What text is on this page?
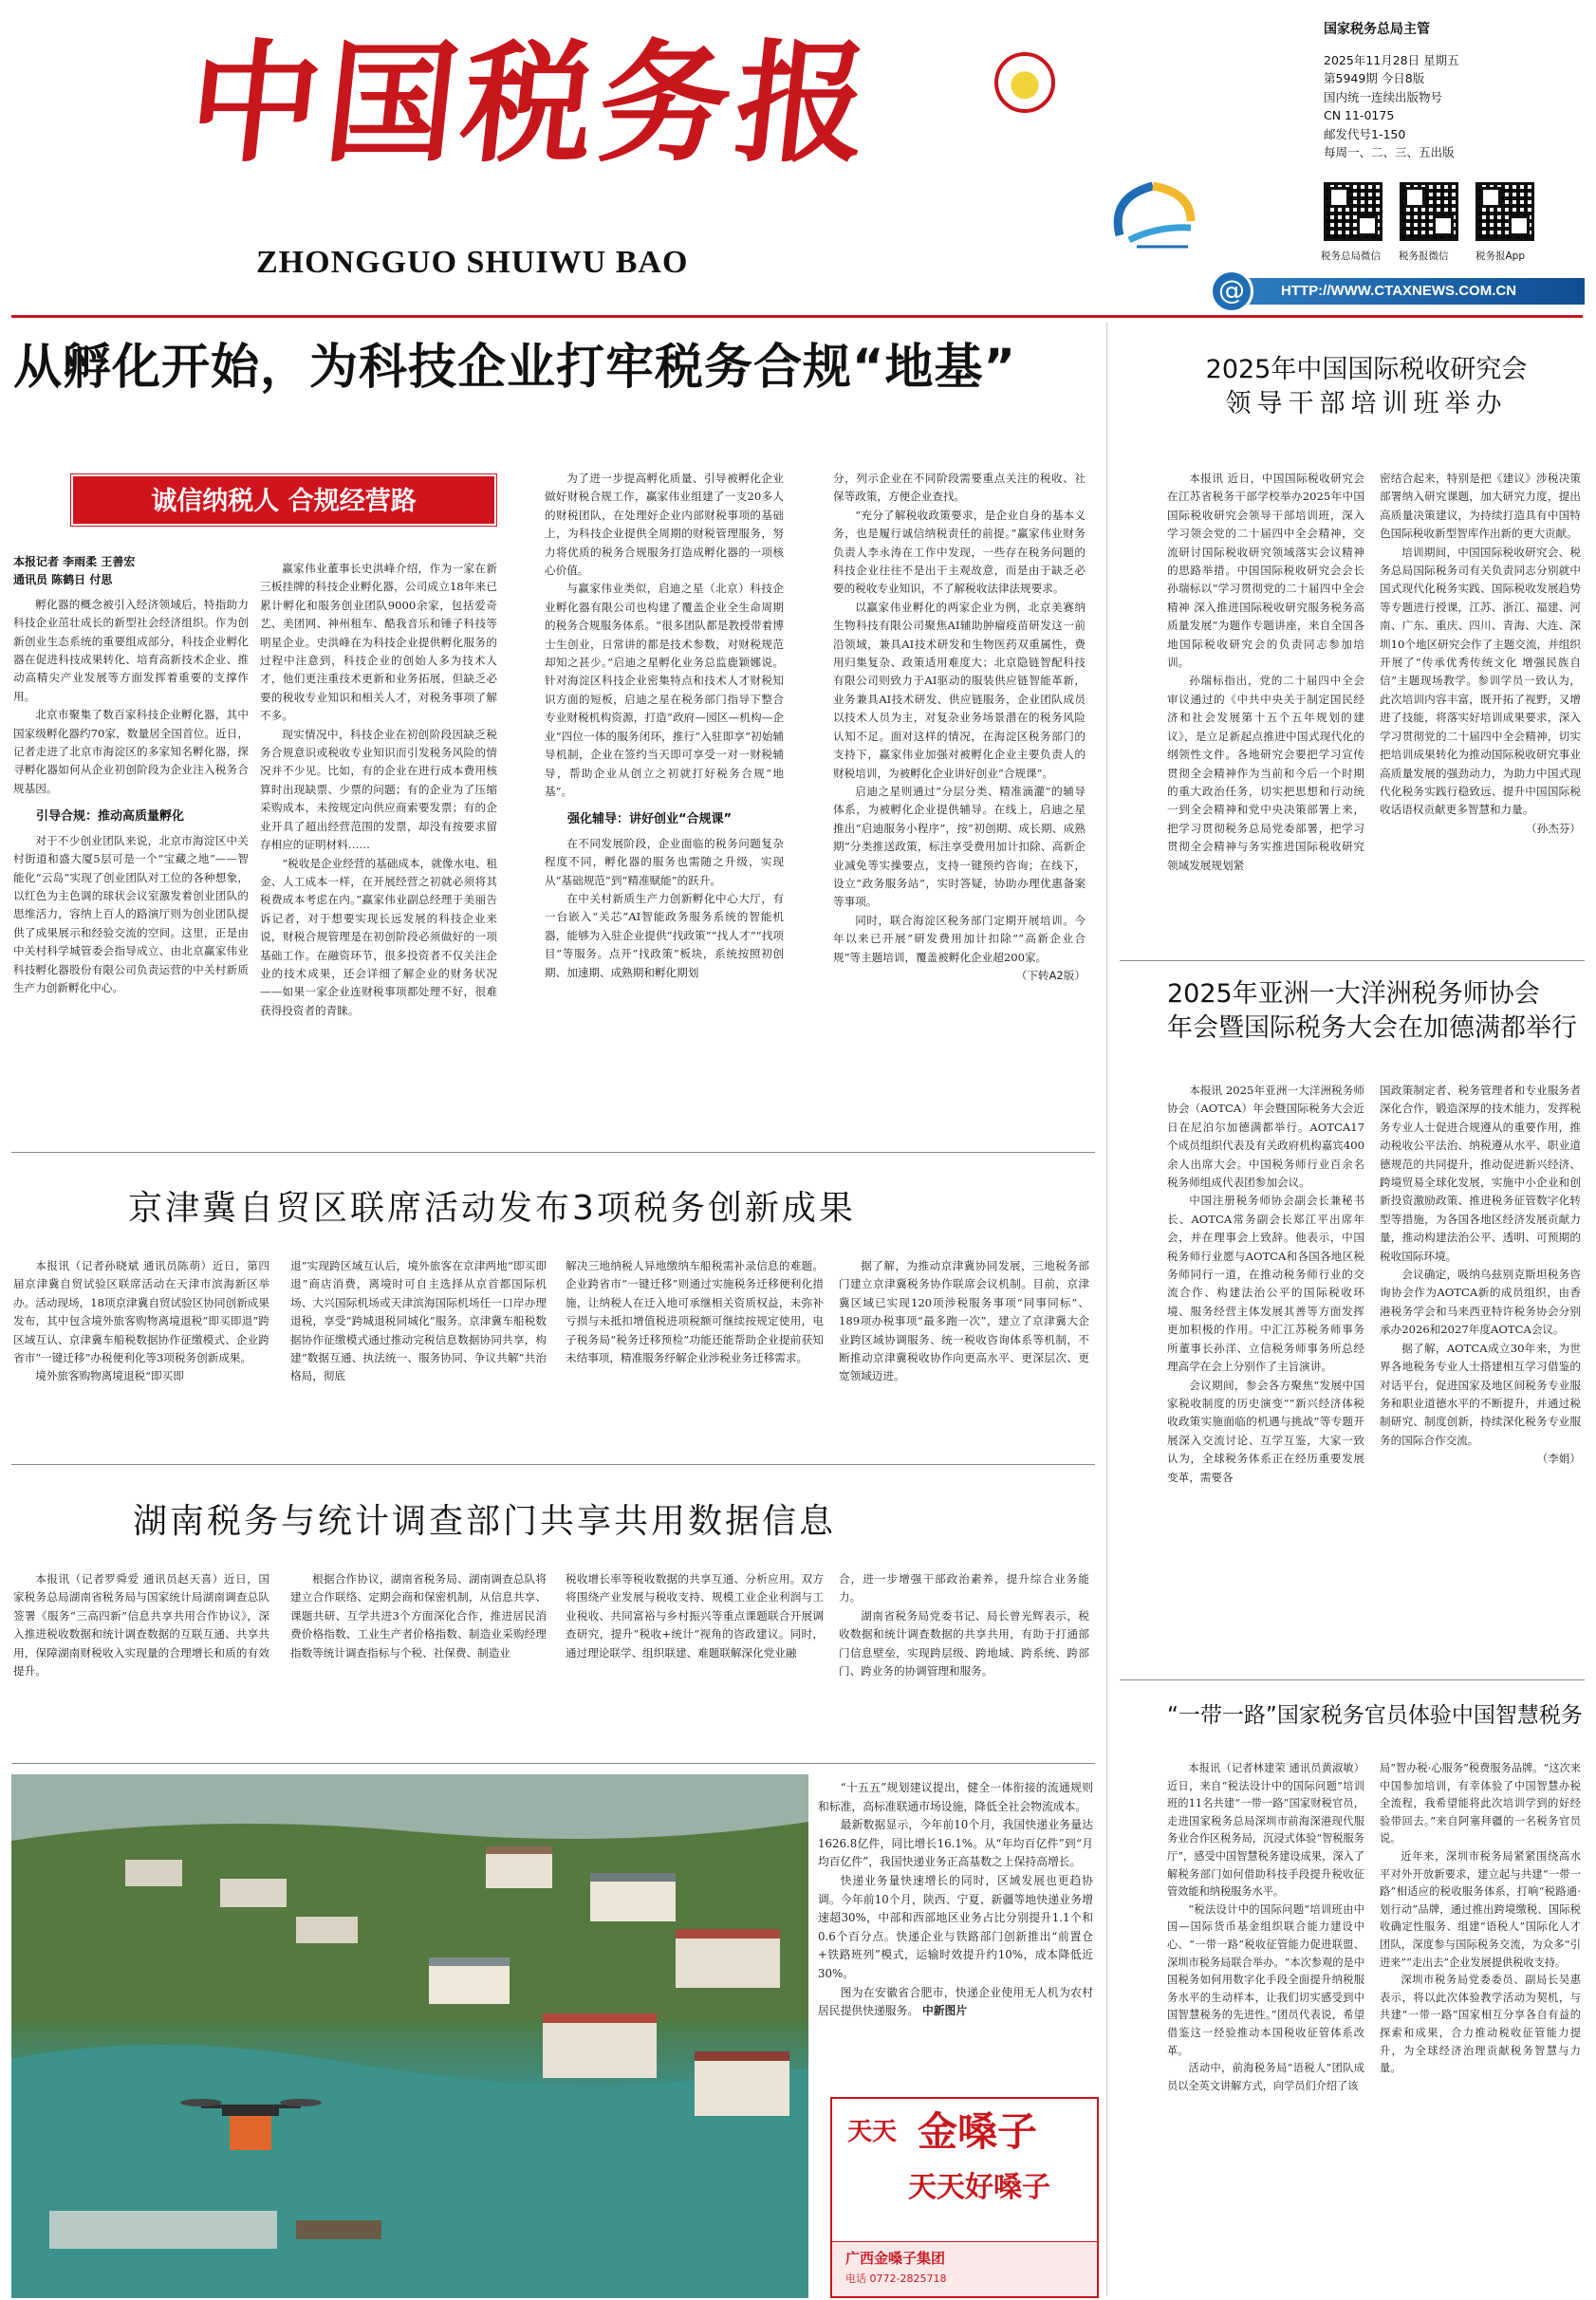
中国税务报
ZHONGGUO SHUIWU BAO
国家税务总局主管
2025年11月28日 星期五
第5949期 今日8版
国内统一连续出版物号
CN 11-0175
邮发代号1-150
每周一、二、三、五出版
税务总局微信 税务报微信	税务报App
HTTP://WWW.CTAXNEWS.COM.CN
@
从孵化开始，为科技企业打牢税务合规“地基”
诚信纳税人 合规经营路
本报记者 李雨柔 王善宏
通讯员 陈鹤日 付思

孵化器的概念被引入经济领域后，特指助力科技企业茁壮成长的新型社会经济组织。作为创新创业生态系统的重要组成部分，科技企业孵化器在促进科技成果转化、培育高新技术企业、推动高精尖产业发展等方面发挥着重要的支撑作用。

北京市聚集了数百家科技企业孵化器，其中国家级孵化器约70家，数量居全国首位。近日，记者走进了北京市海淀区的多家知名孵化器，探寻孵化器如何从企业初创阶段为企业注入税务合规基因。

引导合规：推动高质量孵化

对于不少创业团队来说，北京市海淀区中关村街道和盛大厦5层可是一个“宝藏之地”——智能化“云岛”实现了创业团队对工位的各种想象，以红色为主色调的球状会议室激发着创业团队的思维活力，容纳上百人的路演厅则为创业团队提供了成果展示和经验交流的空间。这里，正是由中关村科学城管委会指导成立、由北京赢家伟业科技孵化器股份有限公司负责运营的中关村新质生产力创新孵化中心。

赢家伟业董事长史洪峰介绍，作为一家在新三板挂牌的科技企业孵化器，公司成立18年来已累计孵化和服务创业团队9000余家，包括爱奇艺、美团网、神州租车、酷我音乐和锤子科技等明星企业。史洪峰在为科技企业提供孵化服务的过程中注意到，科技企业的创始人多为技术人才，他们更注重技术更新和业务拓展，但缺乏必要的税收专业知识和相关人才，对税务事项了解不多。

现实情况中，科技企业在初创阶段因缺乏税务合规意识或税收专业知识而引发税务风险的情况并不少见。比如，有的企业在进行成本费用核算时出现缺票、少票的问题；有的企业为了压缩采购成本，未按规定向供应商索要发票；有的企业开具了超出经营范围的发票，却没有按要求留存相应的证明材料……

“税收是企业经营的基础成本，就像水电、租金、人工成本一样，在开展经营之初就必须将其税费成本考虑在内。”赢家伟业副总经理于美丽告诉记者，对于想要实现长远发展的科技企业来说，财税合规管理是在初创阶段必须做好的一项基础工作。在融资环节，很多投资者不仅关注企业的技术成果，还会详细了解企业的财务状况——如果一家企业连财税事项都处理不好，很难获得投资者的青睐。

为了进一步提高孵化质量、引导被孵化企业做好财税合规工作，赢家伟业组建了一支20多人的财税团队，在处理好企业内部财税事项的基础上，为科技企业提供全周期的财税管理服务，努力将优质的税务合规服务打造成孵化器的一项核心价值。

与赢家伟业类似，启迪之星（北京）科技企业孵化器有限公司也构建了覆盖企业全生命周期的税务合规服务体系。“很多团队都是教授带着博士生创业，日常讲的都是技术参数，对财税规范却知之甚少。”启迪之星孵化业务总监鹿颖娜说。针对海淀区科技企业密集特点和技术人才财税知识方面的短板，启迪之星在税务部门指导下整合专业财税机构资源，打造“政府—园区—机构—企业”四位一体的服务闭环，推行“入驻即享”初始辅导机制，企业在签约当天即可享受一对一财税辅导，帮助企业从创立之初就打好税务合规“地基”。

强化辅导：讲好创业“合规课”

在不同发展阶段，企业面临的税务问题复杂程度不同，孵化器的服务也需随之升级，实现从“基础规范”到“精准赋能”的跃升。

在中关村新质生产力创新孵化中心大厅，有一台嵌入“关芯”AI智能政务服务系统的智能机器，能够为入驻企业提供“找政策”“找人才”“找项目”等服务。点开“找政策”板块，系统按照初创期、加速期、成熟期和孵化期划

分，列示企业在不同阶段需要重点关注的税收、社保等政策，方便企业查找。

“充分了解税收政策要求，是企业自身的基本义务，也是履行诚信纳税责任的前提。”赢家伟业财务负责人李永涛在工作中发现，一些存在税务问题的科技企业往往不是出于主观故意，而是由于缺乏必要的税收专业知识，不了解税收法律法规要求。

以赢家伟业孵化的两家企业为例，北京美赛纳生物科技有限公司聚焦AI辅助肿瘤疫苗研发这一前沿领域，兼具AI技术研发和生物医药双重属性，费用归集复杂、政策适用难度大；北京隐链智配科技有限公司则致力于AI驱动的服装供应链智能革新，业务兼具AI技术研发、供应链服务，企业团队成员以技术人员为主，对复杂业务场景潜在的税务风险认知不足。面对这样的情况，在海淀区税务部门的支持下，赢家伟业加强对被孵化企业主要负责人的财税培训，为被孵化企业讲好创业“合规课”。

启迪之星则通过“分层分类、精准滴灌”的辅导体系，为被孵化企业提供辅导。在线上，启迪之星推出“启迪服务小程序”，按“初创期、成长期、成熟期”分类推送政策，标注享受费用加计扣除、高新企业减免等实操要点，支持一键预约咨询；在线下，设立“政务服务站”，实时答疑，协助办理优惠备案等事项。

同时，联合海淀区税务部门定期开展培训。今年以来已开展“研发费用加计扣除”“高新企业合规”等主题培训，覆盖被孵化企业超200家。

（下转A2版）
京津冀自贸区联席活动发布3项税务创新成果

本报讯（记者孙晓斌 通讯员陈萌）近日，第四届京津冀自贸试验区联席活动在天津市滨海新区举办。活动现场，18项京津冀自贸试验区协同创新成果发布，其中包含境外旅客购物离境退税“即买即退”跨区域互认、京津冀车船税数据协作征缴模式、企业跨省市“一键迁移”办税便利化等3项税务创新成果。

境外旅客购物离境退税“即买即

退”实现跨区域互认后，境外旅客在京津两地“即买即退”商店消费，离境时可自主选择从京首都国际机场、大兴国际机场或天津滨海国际机场任一口岸办理退税，享受“跨城退税同城化”服务。京津冀车船税数据协作征缴模式通过推动完税信息数据协同共享，构建“数据互通、执法统一、服务协同、争议共解”共治格局，彻底

解决三地纳税人异地缴纳车船税需补录信息的难题。企业跨省市“一键迁移”则通过实施税务迁移便利化措施，让纳税人在迁入地可承继相关资质权益，未弥补亏损与未抵扣增值税进项税额可继续按规定使用，电子税务局“税务迁移预检”功能还能帮助企业提前获知未结事项，精准服务纾解企业涉税业务迁移需求。

据了解，为推动京津冀协同发展，三地税务部门建立京津冀税务协作联席会议机制。目前，京津冀区域已实现120项涉税服务事项“同事同标”、189项办税事项“最多跑一次”，建立了京津冀大企业跨区域协调服务、统一税收咨询体系等机制，不断推动京津冀税收协作向更高水平、更深层次、更宽领域迈进。

湖南税务与统计调查部门共享共用数据信息

本报讯（记者罗舜爱 通讯员赵天喜）近日，国家税务总局湖南省税务局与国家统计局湖南调查总队签署《服务“三高四新”信息共享共用合作协议》，深入推进税收数据和统计调查数据的互联互通、共享共用，保障湖南财税收入实现量的合理增长和质的有效提升。

根据合作协议，湖南省税务局、湖南调查总队将建立合作联络、定期会商和保密机制，从信息共享、课题共研、互学共进3个方面深化合作，推进居民消费价格指数、工业生产者价格指数、制造业采购经理指数等统计调查指标与个税、社保费、制造业

税收增长率等税收数据的共享互通、分析应用。双方将围绕产业发展与税收支持、规模工业企业利润与工业税收、共同富裕与乡村振兴等重点课题联合开展调查研究，提升“税收+统计”视角的咨政建议。同时，通过理论联学、组织联建、难题联解深化党业融

合，进一步增强干部政治素养，提升综合业务能力。

湖南省税务局党委书记、局长曾光辉表示，税收数据和统计调查数据的共享共用，有助于打通部门信息壁垒，实现跨层级、跨地域、跨系统、跨部门、跨业务的协调管理和服务。

“十五五”规划建议提出，健全一体衔接的流通规则和标准，高标准联通市场设施，降低全社会物流成本。

最新数据显示，今年前10个月，我国快递业务量达1626.8亿件，同比增长16.1%。从“年均百亿件”到“月均百亿件”，我国快递业务正高基数之上保持高增长。

快递业务量快速增长的同时，区域发展也更趋协调。今年前10个月，陕西、宁夏、新疆等地快递业务增速超30%，中部和西部地区业务占比分别提升1.1个和0.6个百分点。快递企业与铁路部门创新推出“前置仓+铁路班列”模式，运输时效提升约10%，成本降低近30%。

图为在安徽省合肥市，快递企业使用无人机为农村居民提供快递服务。 中新图片

天天 金嗓子
天天好嗓子
广西金嗓子集团
电话 0772-2825718
2025年中国国际税收研究会
领导干部培训班举办

本报讯 近日，中国国际税收研究会在江苏省税务干部学校举办2025年中国国际税收研究会领导干部培训班，深入学习领会党的二十届四中全会精神，交流研讨国际税收研究领域落实会议精神的思路举措。中国国际税收研究会会长孙瑞标以“学习贯彻党的二十届四中全会精神 深入推进国际税收研究服务税务高质量发展”为题作专题讲座，来自全国各地国际税收研究会的负责同志参加培训。

孙瑞标指出，党的二十届四中全会审议通过的《中共中央关于制定国民经济和社会发展第十五个五年规划的建议》，是立足新起点推进中国式现代化的纲领性文件。各地研究会要把学习宣传贯彻全会精神作为当前和今后一个时期的重大政治任务，切实把思想和行动统一到全会精神和党中央决策部署上来，把学习贯彻税务总局党委部署，把学习贯彻全会精神与务实推进国际税收研究领域发展规划紧

密结合起来，特别是把《建议》涉税决策部署纳入研究课题，加大研究力度，提出高质量决策建议，为持续打造具有中国特色国际税收新型智库作出新的更大贡献。

培训期间，中国国际税收研究会、税务总局国际税务司有关负责同志分别就中国式现代化税务实践、国际税收发展趋势等专题进行授课，江苏、浙江、福建、河南、广东、重庆、四川、青海、大连、深圳10个地区研究会作了主题交流，并组织开展了“传承优秀传统文化 增强民族自信”主题现场教学。参训学员一致认为，此次培训内容丰富，既开拓了视野，又增进了技能，将落实好培训成果要求，深入学习贯彻党的二十届四中全会精神，切实把培训成果转化为推动国际税收研究事业高质量发展的强劲动力，为助力中国式现代化税务实践行稳致远、提升中国国际税收话语权贡献更多智慧和力量。

（孙杰芬）
2025年亚洲一大洋洲税务师协会
年会暨国际税务大会在加德满都举行

本报讯 2025年亚洲一大洋洲税务师协会（AOTCA）年会暨国际税务大会近日在尼泊尔加德满都举行。AOTCA17个成员组织代表及有关政府机构嘉宾400余人出席大会。中国税务师行业百余名税务师组成代表团参加会议。

中国注册税务师协会副会长兼秘书长、AOTCA常务副会长郑江平出席年会，并在理事会上致辞。他表示，中国税务师行业愿与AOTCA和各国各地区税务师同行一道，在推动税务师行业的交流合作、构建法治公平的国际税收环境、服务经营主体发展其善等方面发挥更加积极的作用。中汇江苏税务师事务所董事长孙洋、立信税务师事务所总经理高学在会上分别作了主旨演讲。

会议期间，参会各方聚焦“发展中国家税收制度的历史演变”“新兴经济体税收政策实施面临的机遇与挑战”等专题开展深入交流讨论、互学互鉴，大家一致认为，全球税务体系正在经历重要发展变革，需要各

国政策制定者、税务管理者和专业服务者深化合作，锻造深厚的技术能力，发挥税务专业人士促进合规遵从的重要作用，推动税收公平法治、纳税遵从水平、职业道德规范的共同提升，推动促进新兴经济、跨境贸易全球化发展，实施中小企业和创新投资激励政策、推进税务征管数字化转型等措施，为各国各地区经济发展贡献力量，推动构建法治公平、透明、可预期的税收国际环境。

会议确定，吸纳乌兹别克斯坦税务咨询协会作为AOTCA新的成员组织，由香港税务学会和马来西亚特许税务协会分别承办2026和2027年度AOTCA会议。

据了解，AOTCA成立30年来，为世界各地税务专业人士搭建相互学习借鉴的对话平台，促进国家及地区间税务专业服务和职业道德水平的不断提升，并通过税制研究、制度创新，持续深化税务专业服务的国际合作交流。

（李娟）
“一带一路”国家税务官员体验中国智慧税务

本报讯（记者林建荣 通讯员黄淑敏）近日，来自“税法设计中的国际问题”培训班的11名共建“一带一路”国家财税官员，走进国家税务总局深圳市前海深港现代服务业合作区税务局，沉浸式体验“智税服务厅”，感受中国智慧税务建设成果，深入了解税务部门如何借助科技手段提升税收征管效能和纳税服务水平。

“税法设计中的国际问题”培训班由中国—国际货币基金组织联合能力建设中心、“一带一路”税收征管能力促进联盟、深圳市税务局联合举办。“本次参观的是中国税务如何用数字化手段全面提升纳税服务水平的生动样本，让我们切实感受到中国智慧税务的先进性。”团员代表说，希望借鉴这一经验推动本国税收征管体系改革。

活动中，前海税务局“语税人”团队成员以全英文讲解方式，向学员们介绍了该

局“智办税·心服务”税费服务品牌。“这次来中国参加培训，有幸体验了中国智慧办税全流程，我希望能将此次培训学到的好经验带回去。”来自阿塞拜疆的一名税务官员说。

近年来，深圳市税务局紧紧围绕高水平对外开放新要求，建立起与共建“一带一路”相适应的税收服务体系，打响“税路通·划行动”品牌，通过推出跨境缴税、国际税收确定性服务、组建“语税人”国际化人才团队，深度参与国际税务交流，为众多“引进来”“走出去”企业发展提供税收支持。

深圳市税务局党委委员、副局长吴惠表示，将以此次体验教学活动为契机，与共建“一带一路”国家相互分享各自有益的探索和成果，合力推动税收征管能力提升，为全球经济治理贡献税务智慧与力量。
